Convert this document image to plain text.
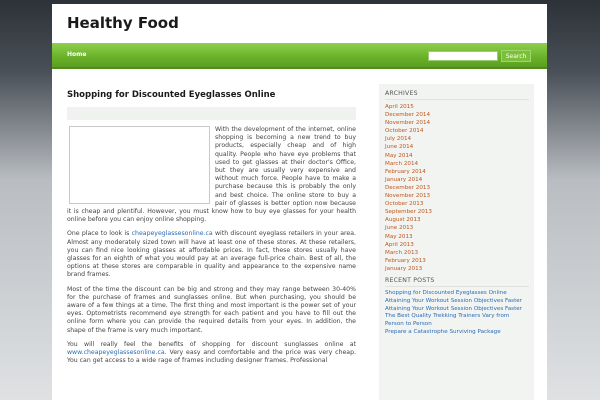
Healthy Food
Home	Search
Shopping for Discounted Eyeglasses Online

With the development of the internet, online shopping is becoming a new trend to buy products, especially cheap and of high quality. People who have eye problems that used to get glasses at their doctor's Office, but they are usually very expensive and without much force. People have to make a purchase because this is probably the only and best choice. The online store to buy a pair of glasses is better option now because it is cheap and plentiful. However, you must know how to buy eye glasses for your health online before you can enjoy online shopping.

One place to look is cheapeyeglassesonline.ca with discount eyeglass retailers in your area. Almost any moderately sized town will have at least one of these stores. At these retailers, you can find nice looking glasses at affordable prices. In fact, these stores usually have glasses for an eighth of what you would pay at an average full-price chain. Best of all, the options at these stores are comparable in quality and appearance to the expensive name brand frames.

Most of the time the discount can be big and strong and they may range between 30-40% for the purchase of frames and sunglasses online. But when purchasing, you should be aware of a few things at a time. The first thing and most important is the power set of your eyes. Optometrists recommend eye strength for each patient and you have to fill out the online form where you can provide the required details from your eyes. In addition, the shape of the frame is very much important.

You will really feel the benefits of shopping for discount sunglasses online at www.cheapeyeglassesonline.ca. Very easy and comfortable and the price was very cheap. You can get access to a wide rage of frames including designer frames. Professional

ARCHIVES
April 2015
December 2014
November 2014
October 2014
July 2014
June 2014
May 2014
March 2014
February 2014
January 2014
December 2013
November 2013
October 2013
September 2013
August 2013
June 2013
May 2013
April 2013
March 2013
February 2013
January 2013
RECENT POSTS
Shopping for Discounted Eyeglasses Online
Attaining Your Workout Session Objectives Faster
Attaining Your Workout Session Objectives Faster
The Best Quality Trekking Trainers Vary from Person to Person
Prepare a Catastrophe Surviving Package
